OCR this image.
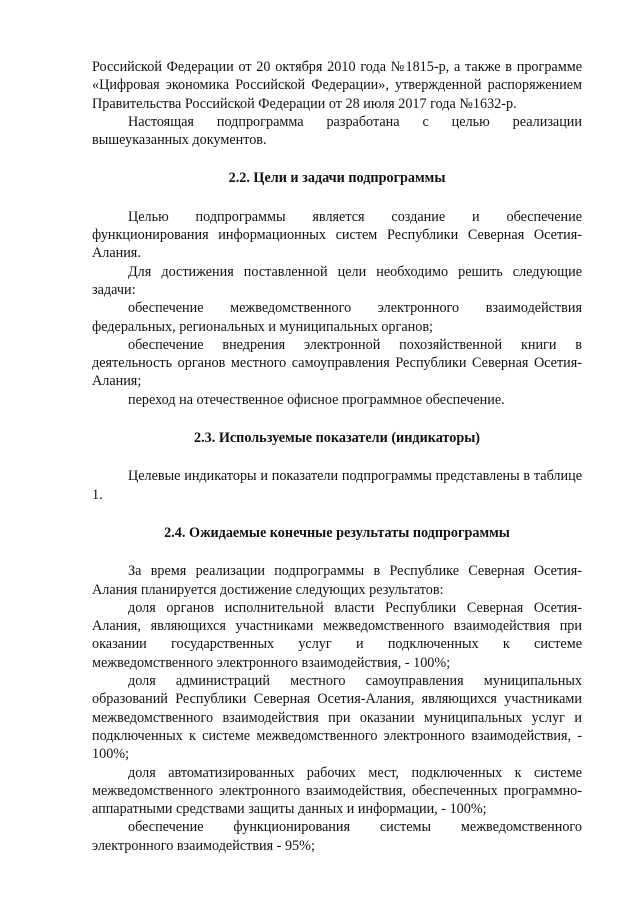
Российской Федерации от 20 октября 2010 года №1815-р, а также в программе «Цифровая экономика Российской Федерации», утвержденной распоряжением Правительства Российской Федерации от 28 июля 2017 года №1632-р.

Настоящая подпрограмма разработана с целью реализации вышеуказанных документов.

2.2. Цели и задачи подпрограммы

Целью подпрограммы является создание и обеспечение функционирования информационных систем Республики Северная Осетия-Алания.

Для достижения поставленной цели необходимо решить следующие задачи:

обеспечение межведомственного электронного взаимодействия федеральных, региональных и муниципальных органов;

обеспечение внедрения электронной похозяйственной книги в деятельность органов местного самоуправления Республики Северная Осетия-Алания;

переход на отечественное офисное программное обеспечение.

2.3. Используемые показатели (индикаторы)

Целевые индикаторы и показатели подпрограммы представлены в таблице 1.

2.4. Ожидаемые конечные результаты подпрограммы

За время реализации подпрограммы в Республике Северная Осетия-Алания планируется достижение следующих результатов:

доля органов исполнительной власти Республики Северная Осетия-Алания, являющихся участниками межведомственного взаимодействия при оказании государственных услуг и подключенных к системе межведомственного электронного взаимодействия, - 100%;

доля администраций местного самоуправления муниципальных образований Республики Северная Осетия-Алания, являющихся участниками межведомственного взаимодействия при оказании муниципальных услуг и подключенных к системе межведомственного электронного взаимодействия, - 100%;

доля автоматизированных рабочих мест, подключенных к системе межведомственного электронного взаимодействия, обеспеченных программно-аппаратными средствами защиты данных и информации, - 100%;

обеспечение функционирования системы межведомственного электронного взаимодействия - 95%;
